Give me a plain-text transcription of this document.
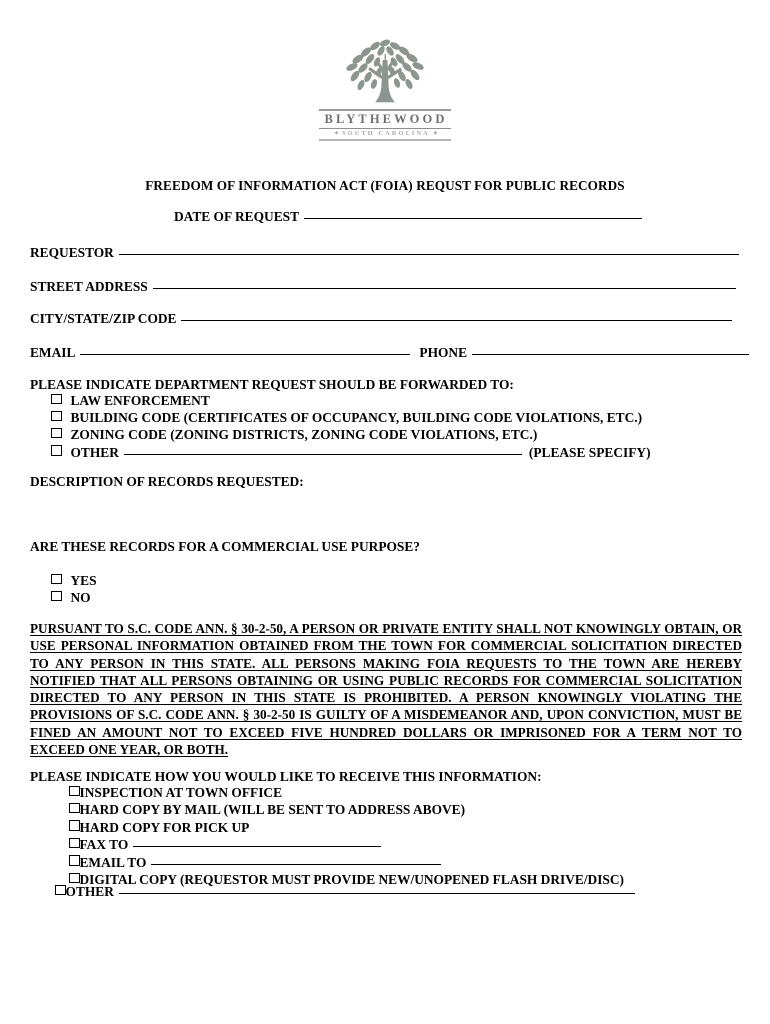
BLYTHEWOOD
✦ SOUTH CAROLINA ✦
FREEDOM OF INFORMATION ACT (FOIA) REQUST FOR PUBLIC RECORDS
DATE OF REQUEST
REQUESTOR
STREET ADDRESS
CITY/STATE/ZIP CODE
EMAIL	PHONE
PLEASE INDICATE DEPARTMENT REQUEST SHOULD BE FORWARDED TO:
LAW ENFORCEMENT
BUILDING CODE (CERTIFICATES OF OCCUPANCY, BUILDING CODE VIOLATIONS, ETC.)
ZONING CODE (ZONING DISTRICTS, ZONING CODE VIOLATIONS, ETC.)
OTHER	(PLEASE SPECIFY)
DESCRIPTION OF RECORDS REQUESTED:
ARE THESE RECORDS FOR A COMMERCIAL USE PURPOSE?
YES
NO
PURSUANT TO S.C. CODE ANN. § 30-2-50, A PERSON OR PRIVATE ENTITY SHALL NOT KNOWINGLY OBTAIN, OR USE PERSONAL INFORMATION OBTAINED FROM THE TOWN FOR COMMERCIAL SOLICITATION DIRECTED TO ANY PERSON IN THIS STATE. ALL PERSONS MAKING FOIA REQUESTS TO THE TOWN ARE HEREBY NOTIFIED THAT ALL PERSONS OBTAINING OR USING PUBLIC RECORDS FOR COMMERCIAL SOLICITATION DIRECTED TO ANY PERSON IN THIS STATE IS PROHIBITED. A PERSON KNOWINGLY VIOLATING THE PROVISIONS OF S.C. CODE ANN. § 30-2-50 IS GUILTY OF A MISDEMEANOR AND, UPON CONVICTION, MUST BE FINED AN AMOUNT NOT TO EXCEED FIVE HUNDRED DOLLARS OR IMPRISONED FOR A TERM NOT TO EXCEED ONE YEAR, OR BOTH.
PLEASE INDICATE HOW YOU WOULD LIKE TO RECEIVE THIS INFORMATION:
INSPECTION AT TOWN OFFICE
HARD COPY BY MAIL (WILL BE SENT TO ADDRESS ABOVE)
HARD COPY FOR PICK UP
FAX TO
EMAIL TO
DIGITAL COPY (REQUESTOR MUST PROVIDE NEW/UNOPENED FLASH DRIVE/DISC)
OTHER
